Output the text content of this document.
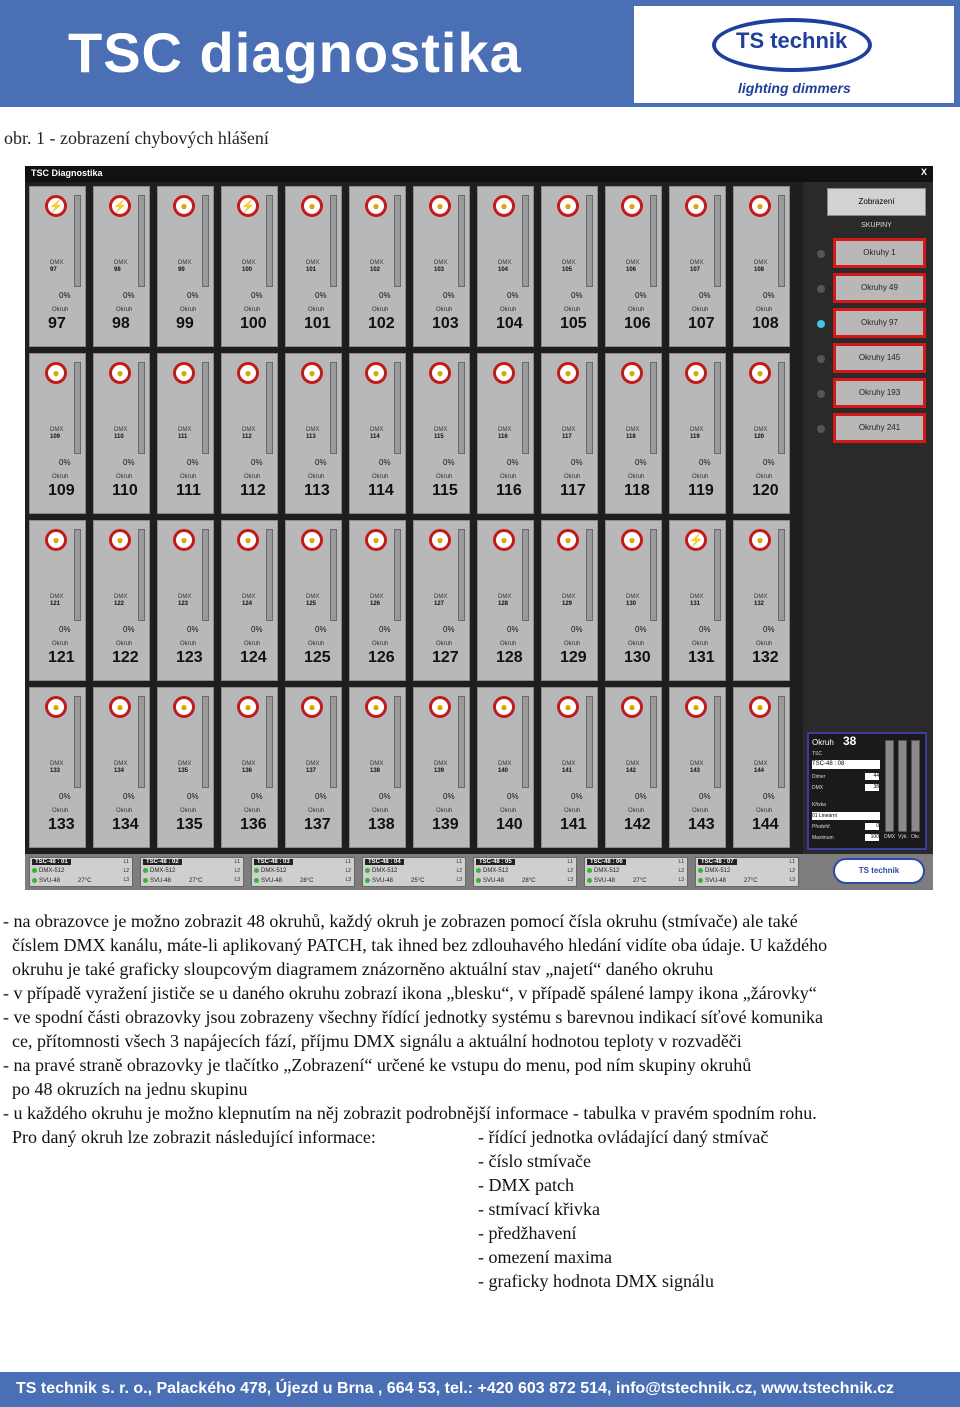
TSC diagnostika	TS technik
lighting dimmers
obr. 1 - zobrazení chybových hlášení
TSC Diagnostika	X
⚡
DMX
97
0%
Okruh
97
⚡
DMX
98
0%
Okruh
98
●
DMX
99
0%
Okruh
99
⚡
DMX
100
0%
Okruh
100
●
DMX
101
0%
Okruh
101
●
DMX
102
0%
Okruh
102
●
DMX
103
0%
Okruh
103
●
DMX
104
0%
Okruh
104
●
DMX
105
0%
Okruh
105
●
DMX
106
0%
Okruh
106
●
DMX
107
0%
Okruh
107
●
DMX
108
0%
Okruh
108
●
DMX
109
0%
Okruh
109
●
DMX
110
0%
Okruh
110
●
DMX
111
0%
Okruh
111
●
DMX
112
0%
Okruh
112
●
DMX
113
0%
Okruh
113
●
DMX
114
0%
Okruh
114
●
DMX
115
0%
Okruh
115
●
DMX
116
0%
Okruh
116
●
DMX
117
0%
Okruh
117
●
DMX
118
0%
Okruh
118
●
DMX
119
0%
Okruh
119
●
DMX
120
0%
Okruh
120
●
DMX
121
0%
Okruh
121
●
DMX
122
0%
Okruh
122
●
DMX
123
0%
Okruh
123
●
DMX
124
0%
Okruh
124
●
DMX
125
0%
Okruh
125
●
DMX
126
0%
Okruh
126
●
DMX
127
0%
Okruh
127
●
DMX
128
0%
Okruh
128
●
DMX
129
0%
Okruh
129
●
DMX
130
0%
Okruh
130
⚡
DMX
131
0%
Okruh
131
●
DMX
132
0%
Okruh
132
●
DMX
133
0%
Okruh
133
●
DMX
134
0%
Okruh
134
●
DMX
135
0%
Okruh
135
●
DMX
136
0%
Okruh
136
●
DMX
137
0%
Okruh
137
●
DMX
138
0%
Okruh
138
●
DMX
139
0%
Okruh
139
●
DMX
140
0%
Okruh
140
●
DMX
141
0%
Okruh
141
●
DMX
142
0%
Okruh
142
●
DMX
143
0%
Okruh
143
●
DMX
144
0%
Okruh
144
Zobrazení
SKUPINY
Okruhy 1
Okruhy 49
Okruhy 97
Okruhy 145
Okruhy 193
Okruhy 241
Okruh 38
TSC
TSC-48 : 08
Dimer	44
DMX	38
Křivka
01 Lineární
Předehř.	0
Maximum	100 DMX Výk. Okr.
TSC-48 : 01
DMX-512
SVU-48	27°C
L1
L2
L3
TSC-48 : 02
DMX-512
SVU-48	27°C
L1
L2
L3
TSC-48 : 03
DMX-512
SVU-48	28°C
L1
L2
L3
TSC-48 : 04
DMX-512
SVU-48	25°C
L1
L2
L3
TSC-48 : 05
DMX-512
SVU-48	28°C
L1
L2
L3
TSC-48 : 06
DMX-512
SVU-48	27°C
L1
L2
L3
TSC-48 : 07
DMX-512
SVU-48	27°C
L1
L2
L3
TS technik
- na obrazovce je možno zobrazit 48 okruhů, každý okruh je zobrazen pomocí čísla okruhu (stmívače) ale také
číslem DMX kanálu, máte-li aplikovaný PATCH, tak ihned bez zdlouhavého hledání vidíte oba údaje. U každého
okruhu je také graficky sloupcovým diagramem znázorněno aktuální stav „najetí“ daného okruhu
- v případě vyražení jističe se u daného okruhu zobrazí ikona „blesku“, v případě spálené lampy ikona „žárovky“
- ve spodní části obrazovky jsou zobrazeny všechny řídící jednotky systému s barevnou indikací síťové komunika
ce, přítomnosti všech 3 napájecích fází, příjmu DMX signálu a aktuální hodnotou teploty v rozvaděči
- na pravé straně obrazovky je tlačítko „Zobrazení“ určené ke vstupu do menu, pod ním skupiny okruhů
po 48 okruzích na jednu skupinu
- u každého okruhu je možno klepnutím na něj zobrazit podrobnější informace - tabulka v pravém spodním rohu.
Pro daný okruh lze zobrazit následující informace:	- řídící jednotka ovládající daný stmívač
- číslo stmívače
- DMX patch
- stmívací křivka
- předžhavení
- omezení maxima
- graficky hodnota DMX signálu
TS technik s. r. o., Palackého 478, Újezd u Brna , 664 53, tel.: +420 603 872 514, info@tstechnik.cz, www.tstechnik.cz
